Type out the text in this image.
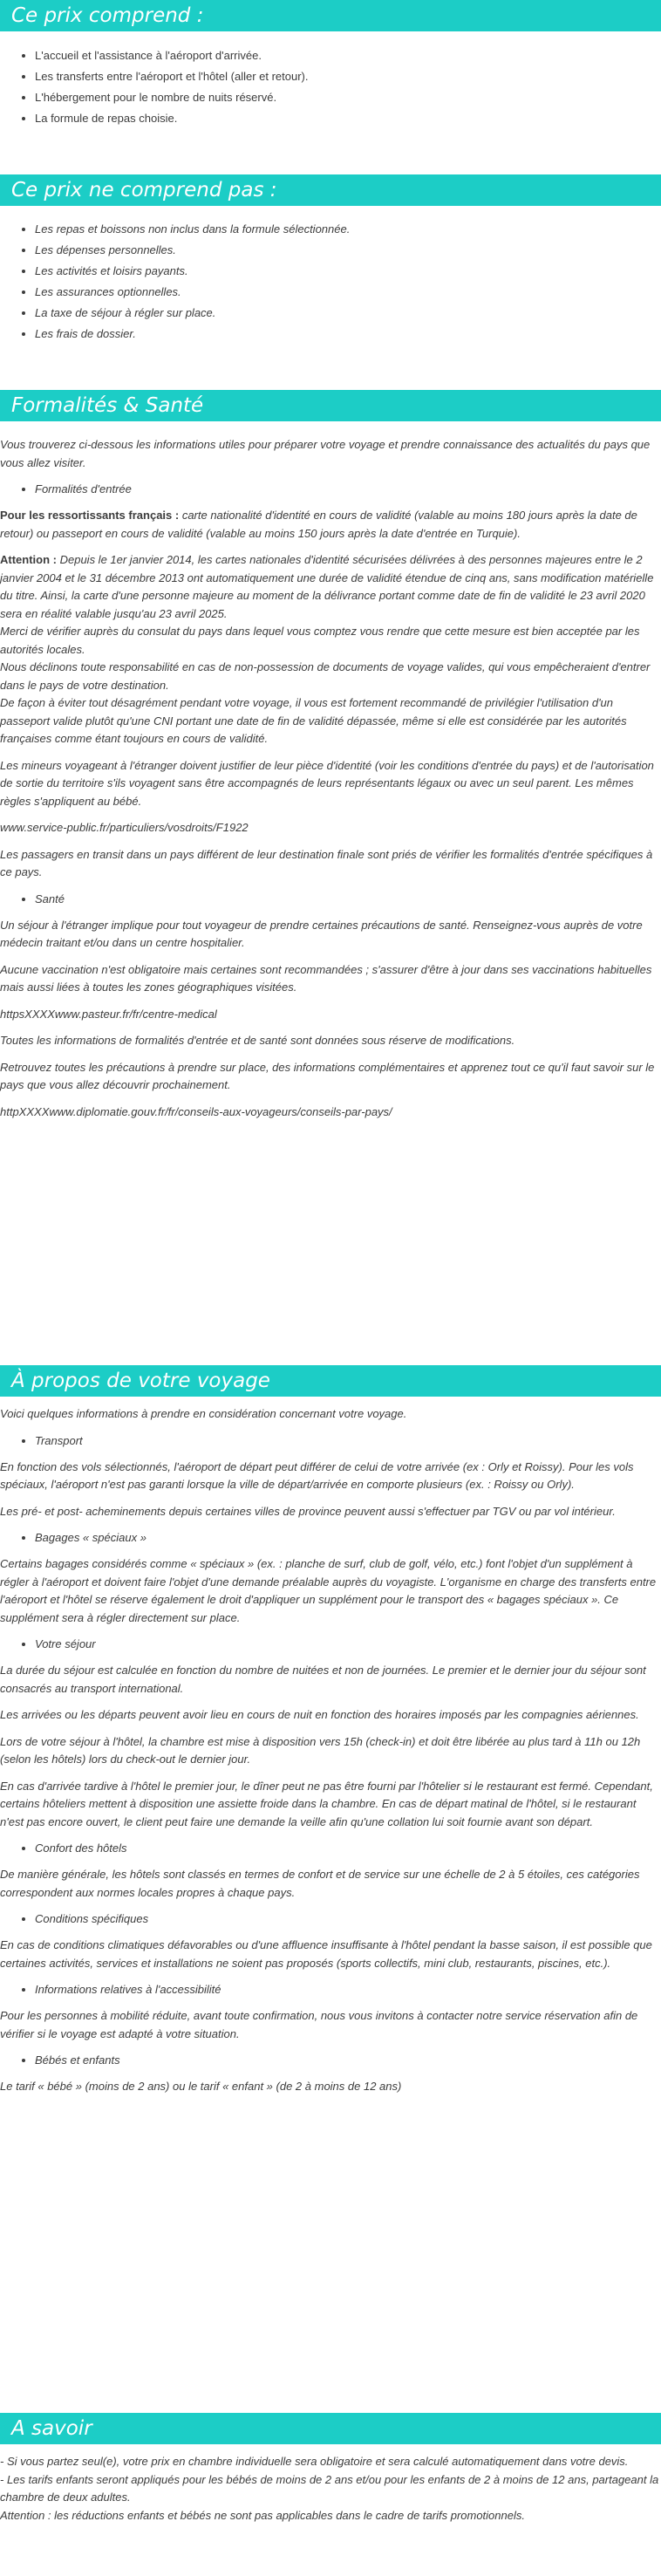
Ce prix comprend :
• L'accueil et l'assistance à l'aéroport d'arrivée.
• Les transferts entre l'aéroport et l'hôtel (aller et retour).
• L'hébergement pour le nombre de nuits réservé.
• La formule de repas choisie.
Ce prix ne comprend pas :
• Les repas et boissons non inclus dans la formule sélectionnée.
• Les dépenses personnelles.
• Les activités et loisirs payants.
• Les assurances optionnelles.
• La taxe de séjour à régler sur place.
• Les frais de dossier.
Formalités & Santé

Vous trouverez ci-dessous les informations utiles pour préparer votre voyage et prendre connaissance des actualités du pays que vous allez visiter.

• Formalités d'entrée

Pour les ressortissants français : carte nationalité d'identité en cours de validité (valable au moins 180 jours après la date de retour) ou passeport en cours de validité (valable au moins 150 jours après la date d'entrée en Turquie).

Attention : Depuis le 1er janvier 2014, les cartes nationales d'identité sécurisées délivrées à des personnes majeures entre le 2 janvier 2004 et le 31 décembre 2013 ont automatiquement une durée de validité étendue de cinq ans, sans modification matérielle du titre. Ainsi, la carte d'une personne majeure au moment de la délivrance portant comme date de fin de validité le 23 avril 2020 sera en réalité valable jusqu'au 23 avril 2025.

Merci de vérifier auprès du consulat du pays dans lequel vous comptez vous rendre que cette mesure est bien acceptée par les autorités locales.

Nous déclinons toute responsabilité en cas de non-possession de documents de voyage valides, qui vous empêcheraient d'entrer dans le pays de votre destination.

De façon à éviter tout désagrément pendant votre voyage, il vous est fortement recommandé de privilégier l'utilisation d'un passeport valide plutôt qu'une CNI portant une date de fin de validité dépassée, même si elle est considérée par les autorités françaises comme étant toujours en cours de validité.

Les mineurs voyageant à l'étranger doivent justifier de leur pièce d'identité (voir les conditions d'entrée du pays) et de l'autorisation de sortie du territoire s'ils voyagent sans être accompagnés de leurs représentants légaux ou avec un seul parent. Les mêmes règles s'appliquent au bébé.

www.service-public.fr/particuliers/vosdroits/F1922

Les passagers en transit dans un pays différent de leur destination finale sont priés de vérifier les formalités d'entrée spécifiques à ce pays.

• Santé

Un séjour à l'étranger implique pour tout voyageur de prendre certaines précautions de santé. Renseignez-vous auprès de votre médecin traitant et/ou dans un centre hospitalier.

Aucune vaccination n'est obligatoire mais certaines sont recommandées ; s'assurer d'être à jour dans ses vaccinations habituelles mais aussi liées à toutes les zones géographiques visitées.

httpsXXXXwww.pasteur.fr/fr/centre-medical

Toutes les informations de formalités d'entrée et de santé sont données sous réserve de modifications.

Retrouvez toutes les précautions à prendre sur place, des informations complémentaires et apprenez tout ce qu'il faut savoir sur le pays que vous allez découvrir prochainement.

httpXXXXwww.diplomatie.gouv.fr/fr/conseils-aux-voyageurs/conseils-par-pays/

À propos de votre voyage

Voici quelques informations à prendre en considération concernant votre voyage.

• Transport

En fonction des vols sélectionnés, l'aéroport de départ peut différer de celui de votre arrivée (ex : Orly et Roissy). Pour les vols spéciaux, l'aéroport n'est pas garanti lorsque la ville de départ/arrivée en comporte plusieurs (ex. : Roissy ou Orly).

Les pré- et post- acheminements depuis certaines villes de province peuvent aussi s'effectuer par TGV ou par vol intérieur.

• Bagages « spéciaux »

Certains bagages considérés comme « spéciaux » (ex. : planche de surf, club de golf, vélo, etc.) font l'objet d'un supplément à régler à l'aéroport et doivent faire l'objet d'une demande préalable auprès du voyagiste. L'organisme en charge des transferts entre l'aéroport et l'hôtel se réserve également le droit d'appliquer un supplément pour le transport des « bagages spéciaux ». Ce supplément sera à régler directement sur place.

• Votre séjour

La durée du séjour est calculée en fonction du nombre de nuitées et non de journées. Le premier et le dernier jour du séjour sont consacrés au transport international.

Les arrivées ou les départs peuvent avoir lieu en cours de nuit en fonction des horaires imposés par les compagnies aériennes.

Lors de votre séjour à l'hôtel, la chambre est mise à disposition vers 15h (check-in) et doit être libérée au plus tard à 11h ou 12h (selon les hôtels) lors du check-out le dernier jour.

En cas d'arrivée tardive à l'hôtel le premier jour, le dîner peut ne pas être fourni par l'hôtelier si le restaurant est fermé. Cependant, certains hôteliers mettent à disposition une assiette froide dans la chambre. En cas de départ matinal de l'hôtel, si le restaurant n'est pas encore ouvert, le client peut faire une demande la veille afin qu'une collation lui soit fournie avant son départ.

• Confort des hôtels

De manière générale, les hôtels sont classés en termes de confort et de service sur une échelle de 2 à 5 étoiles, ces catégories correspondent aux normes locales propres à chaque pays.

• Conditions spécifiques

En cas de conditions climatiques défavorables ou d'une affluence insuffisante à l'hôtel pendant la basse saison, il est possible que certaines activités, services et installations ne soient pas proposés (sports collectifs, mini club, restaurants, piscines, etc.).

• Informations relatives à l'accessibilité

Pour les personnes à mobilité réduite, avant toute confirmation, nous vous invitons à contacter notre service réservation afin de vérifier si le voyage est adapté à votre situation.

• Bébés et enfants

Le tarif « bébé » (moins de 2 ans) ou le tarif « enfant » (de 2 à moins de 12 ans)

A savoir

- Si vous partez seul(e), votre prix en chambre individuelle sera obligatoire et sera calculé automatiquement dans votre devis.

- Les tarifs enfants seront appliqués pour les bébés de moins de 2 ans et/ou pour les enfants de 2 à moins de 12 ans, partageant la chambre de deux adultes.

Attention : les réductions enfants et bébés ne sont pas applicables dans le cadre de tarifs promotionnels.
